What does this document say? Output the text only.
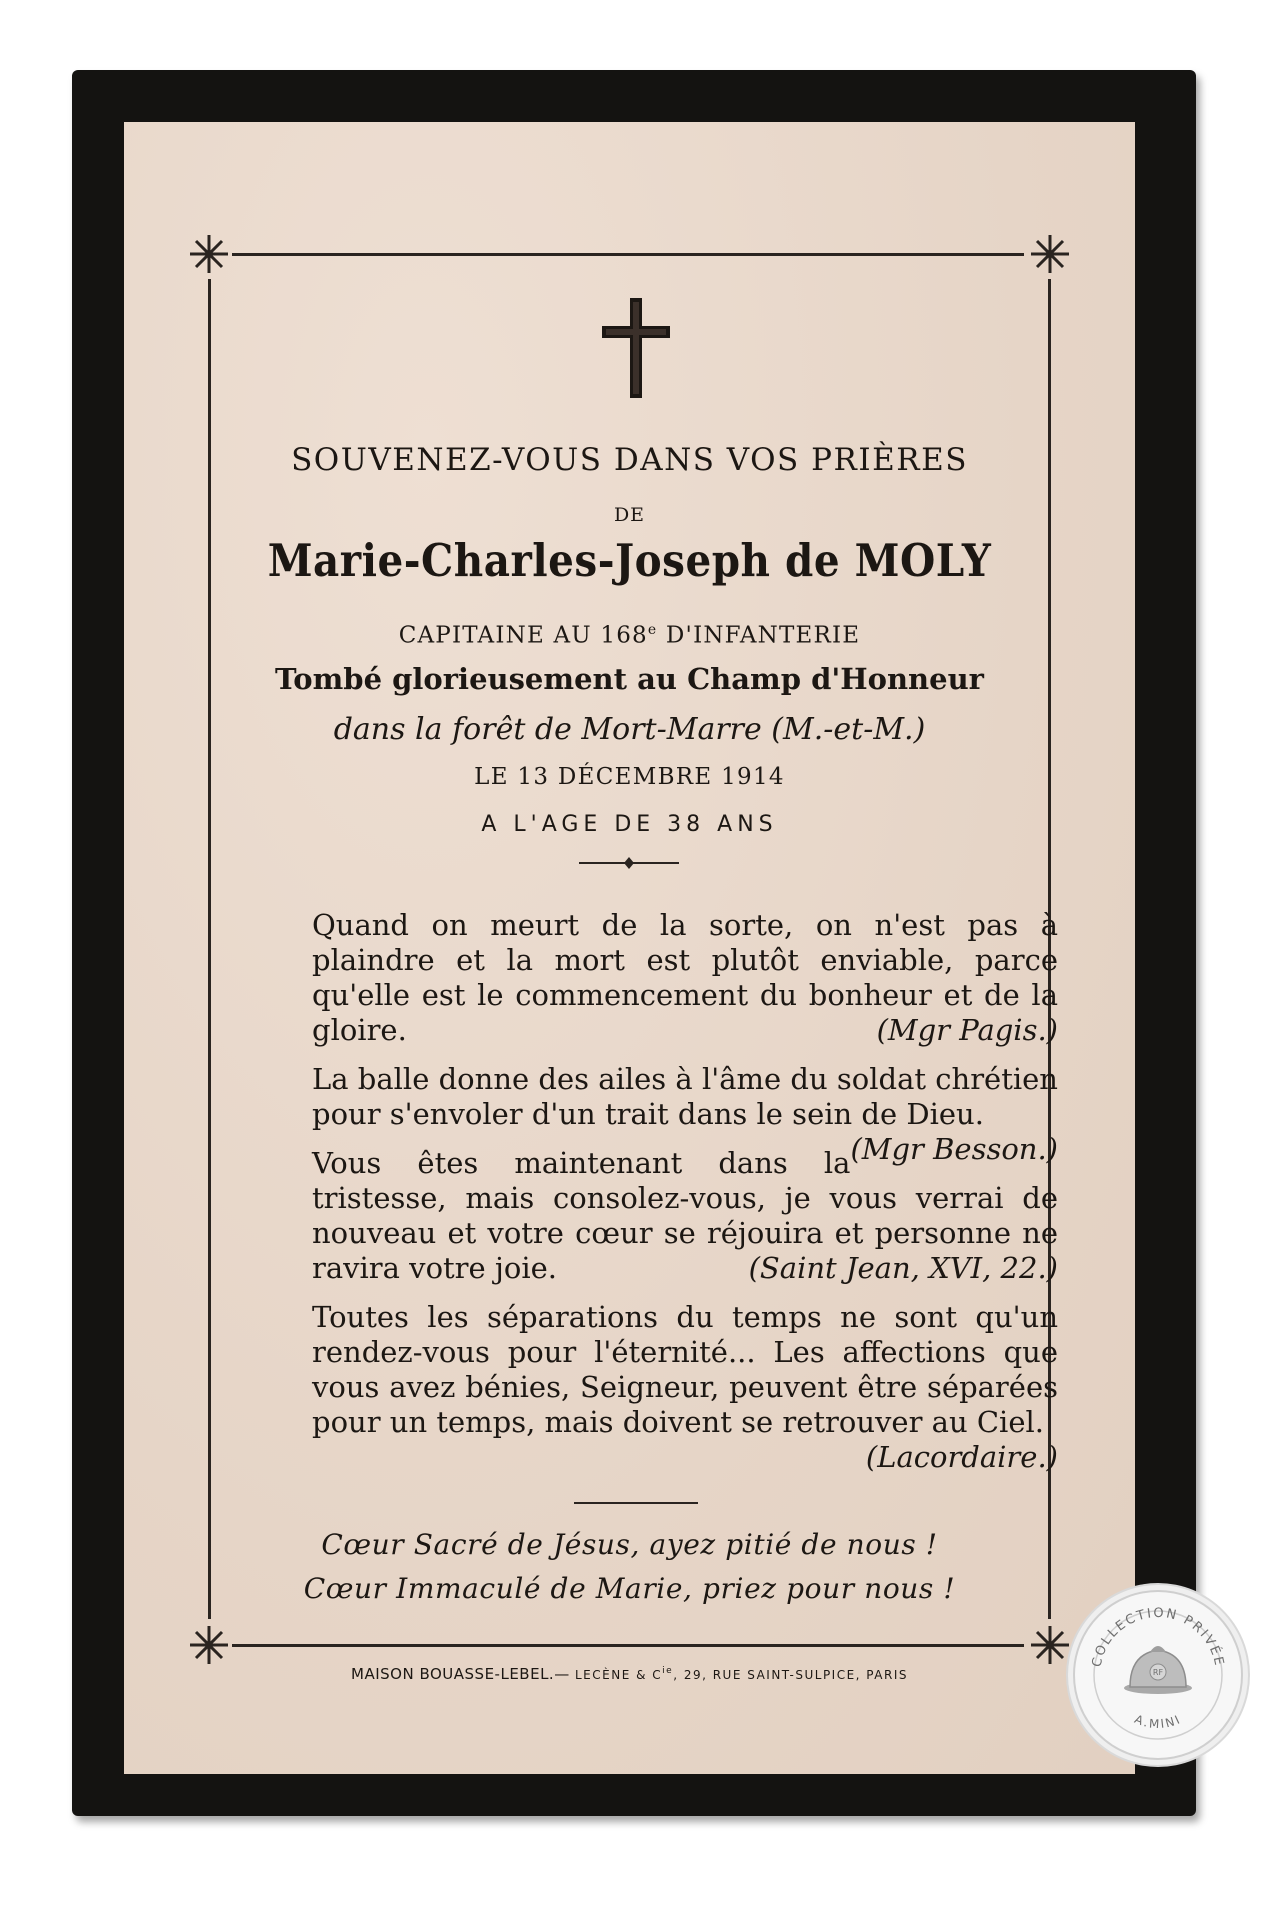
SOUVENEZ-VOUS DANS VOS PRIÈRES
DE
Marie-Charles-Joseph de MOLY
CAPITAINE AU 168e D'INFANTERIE
Tombé glorieusement au Champ d'Honneur
dans la forêt de Mort-Marre (M.-et-M.)
LE 13 DÉCEMBRE 1914
A L'AGE DE 38 ANS

Quand on meurt de la sorte, on n'est pas à plaindre et la mort est plutôt enviable, parce qu'elle est le commencement du bonheur et de la gloire.	(Mgr Pagis.)

La balle donne des ailes à l'âme du soldat chrétien pour s'envoler d'un trait dans le sein de Dieu.
(Mgr Besson.)

Vous êtes maintenant dans la tristesse, mais consolez-vous, je vous verrai de nouveau et votre cœur se réjouira et personne ne ravira votre joie.	(Saint Jean, XVI, 22.)

Toutes les séparations du temps ne sont qu'un rendez-vous pour l'éternité... Les affections que vous avez bénies, Seigneur, peuvent être séparées pour un temps, mais doivent se retrouver au Ciel.
(Lacordaire.)

Cœur Sacré de Jésus, ayez pitié de nous !
Cœur Immaculé de Marie, priez pour nous !
MAISON BOUASSE-LEBEL.— LECÈNE & $C^{ie}$, 29, RUE SAINT-SULPICE, PARIS
COLLECTION PRIVÉE
A.MINI
RF
